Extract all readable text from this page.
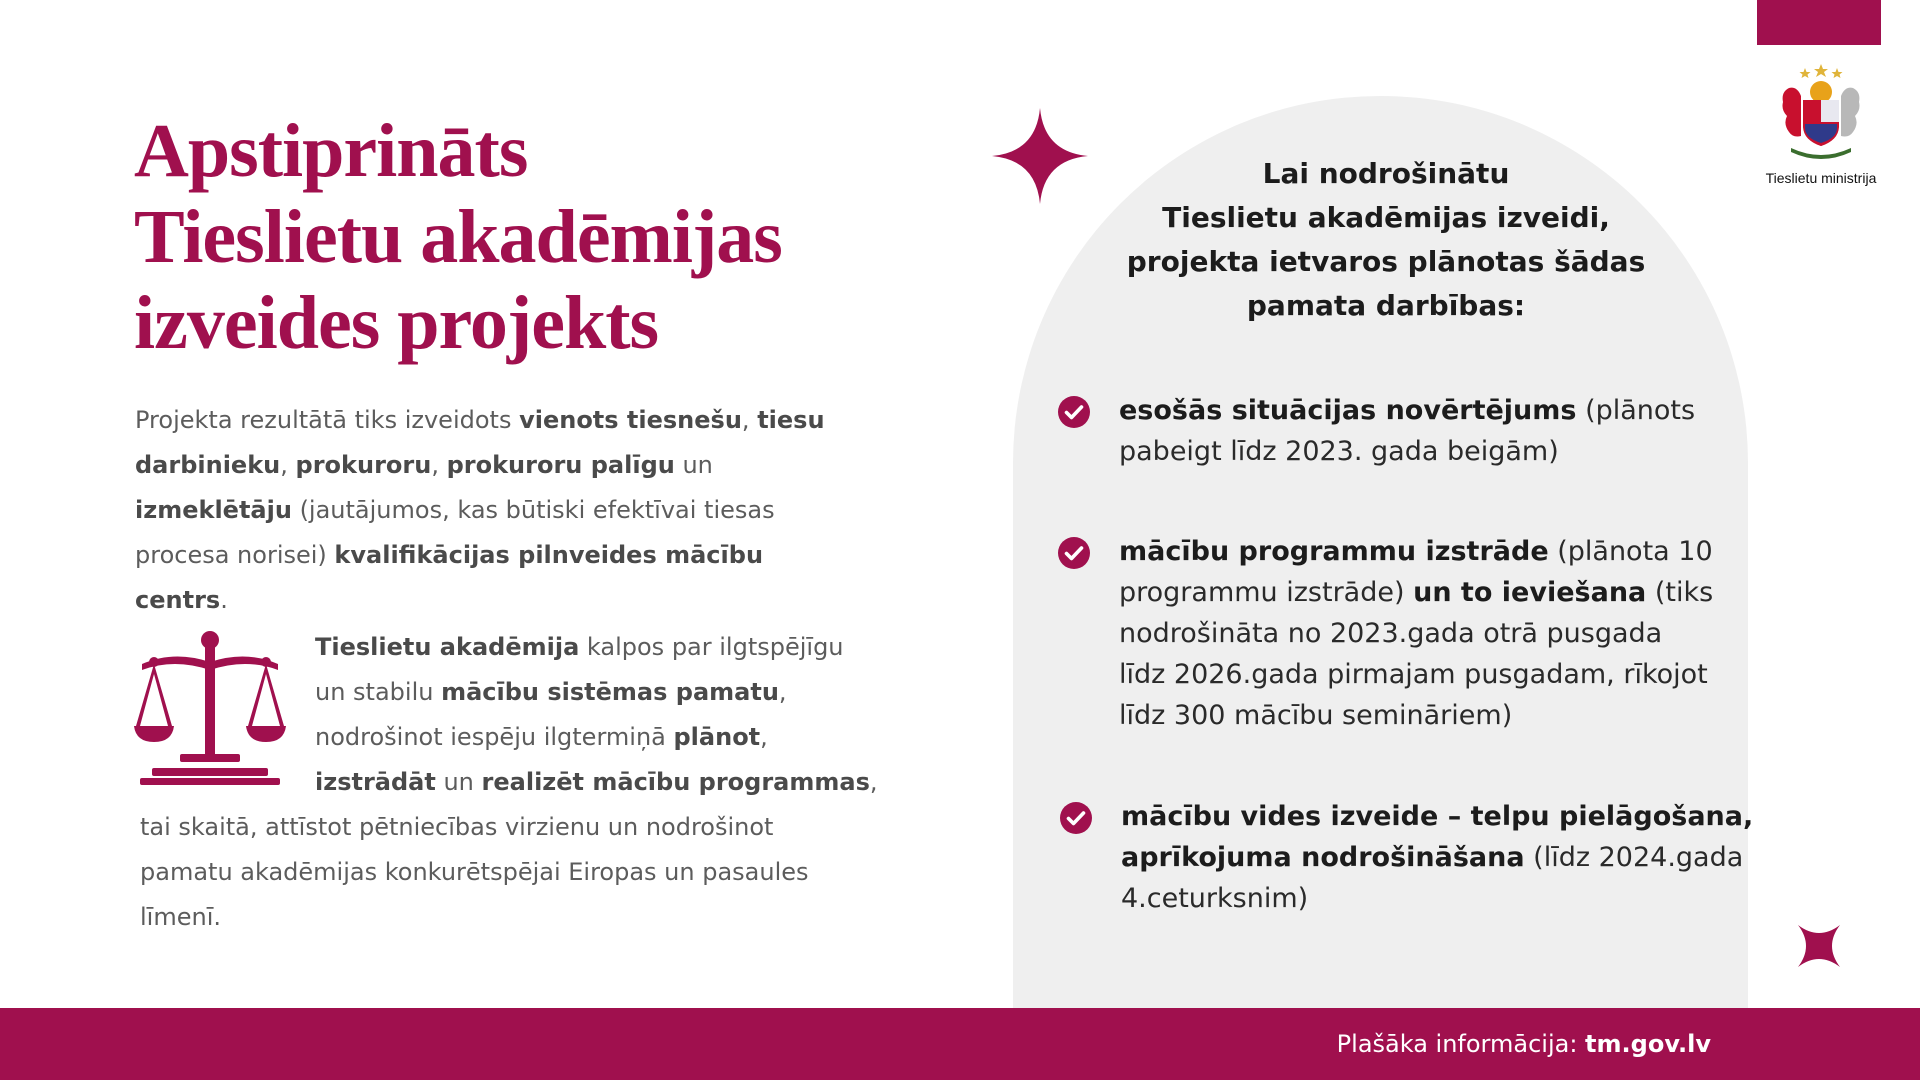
Tieslietu ministrija
Apstiprināts
Tieslietu akadēmijas
izveides projekts

Projekta rezultātā tiks izveidots vienots tiesnešu, tiesu darbinieku, prokuroru, prokuroru palīgu un izmeklētāju (jautājumos, kas būtiski efektīvai tiesas procesa norisei) kvalifikācijas pilnveides mācību centrs.

Tieslietu akadēmija kalpos par ilgtspējīgu
un stabilu mācību sistēmas pamatu,
nodrošinot iespēju ilgtermiņā plānot,
izstrādāt un realizēt mācību programmas,
tai skaitā, attīstot pētniecības virzienu un nodrošinot
pamatu akadēmijas konkurētspējai Eiropas un pasaules
līmenī.
Lai nodrošinātu
Tieslietu akadēmijas izveidi,
projekta ietvaros plānotas šādas
pamata darbības:
esošās situācijas novērtējums (plānots
pabeigt līdz 2023. gada beigām)
mācību programmu izstrāde (plānota 10
programmu izstrāde) un to ieviešana (tiks
nodrošināta no 2023.gada otrā pusgada
līdz 2026.gada pirmajam pusgadam, rīkojot
līdz 300 mācību semināriem)
mācību vides izveide – telpu pielāgošana,
aprīkojuma nodrošināšana (līdz 2024.gada
4.ceturksnim)
Plašāka informācija: tm.gov.lv
